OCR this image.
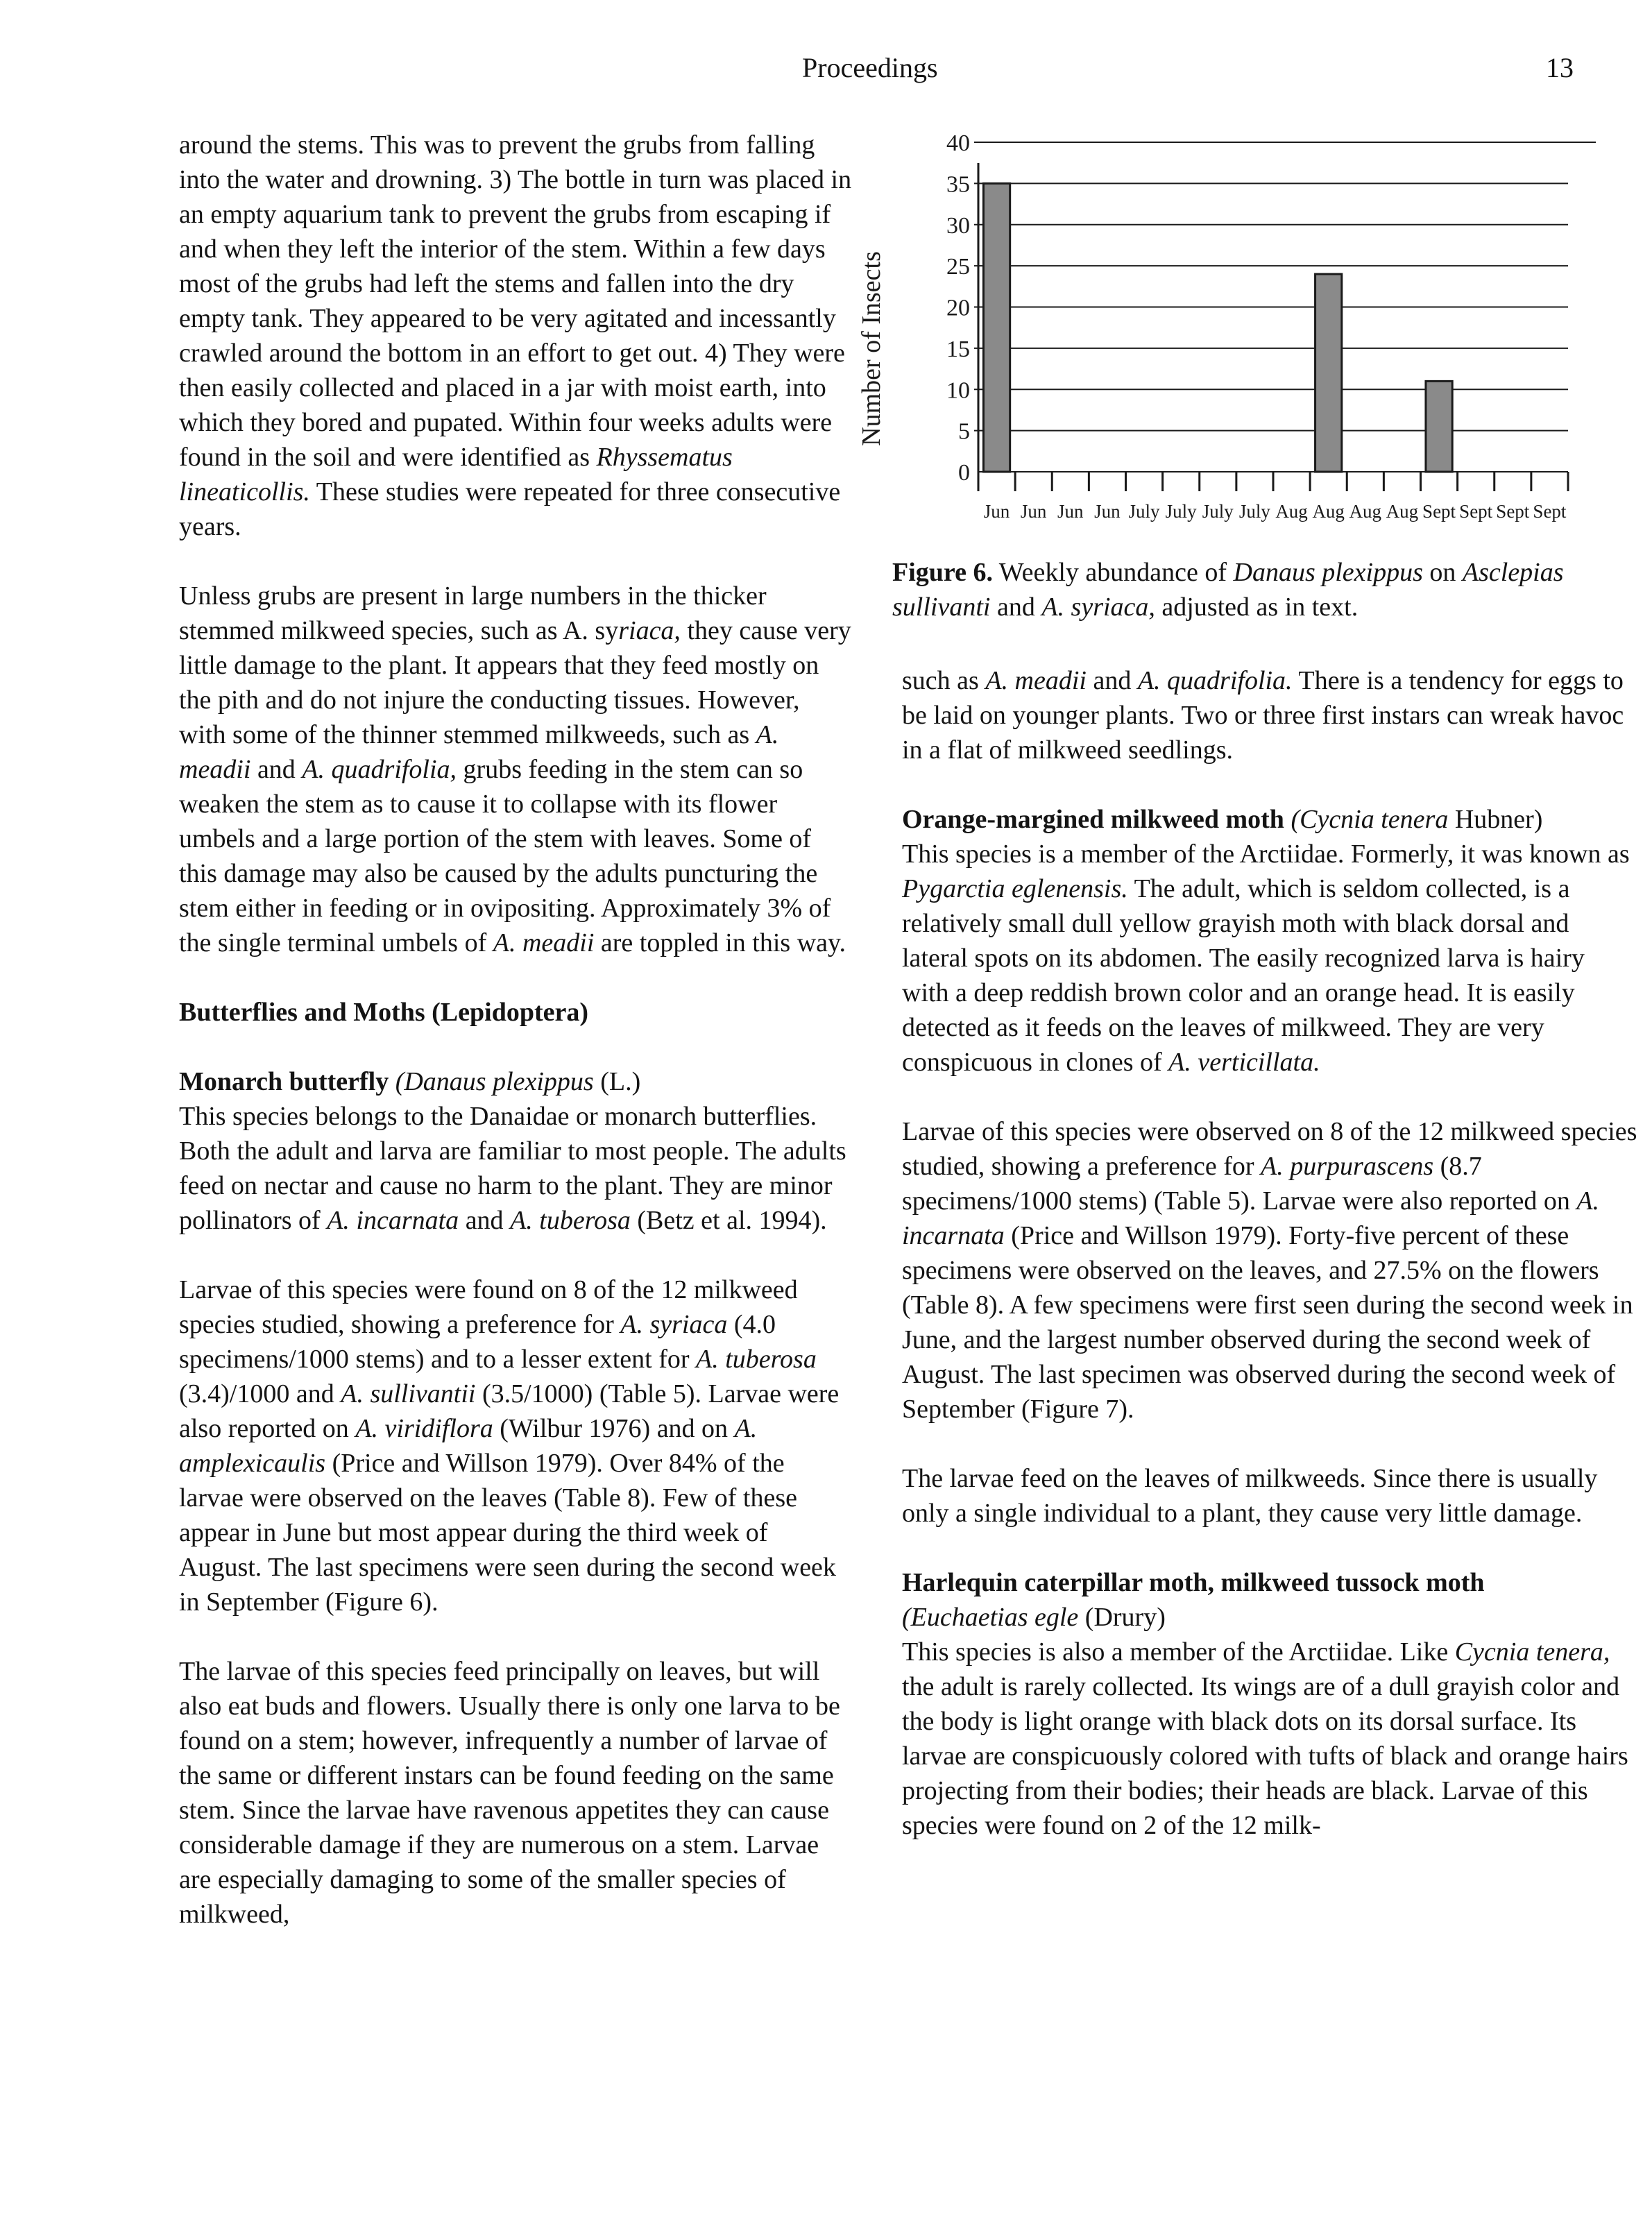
Proceedings	13

around the stems. This was to prevent the grubs from falling into the water and drowning. 3) The bottle in turn was placed in an empty aquarium tank to prevent the grubs from escaping if and when they left the interior of the stem. Within a few days most of the grubs had left the stems and fallen into the dry empty tank. They appeared to be very agitated and incessantly crawled around the bottom in an effort to get out. 4) They were then easily collected and placed in a jar with moist earth, into which they bored and pupated. Within four weeks adults were found in the soil and were identified as Rhyssematus lineaticollis. These studies were repeated for three consecutive years.

Unless grubs are present in large numbers in the thicker stemmed milkweed species, such as A. syriaca, they cause very little damage to the plant. It appears that they feed mostly on the pith and do not injure the conducting tissues. However, with some of the thinner stemmed milkweeds, such as A. meadii and A. quadrifolia, grubs feeding in the stem can so weaken the stem as to cause it to collapse with its flower umbels and a large portion of the stem with leaves. Some of this damage may also be caused by the adults puncturing the stem either in feeding or in ovipositing. Approximately 3% of the single terminal umbels of A. meadii are toppled in this way.

Butterflies and Moths (Lepidoptera)

Monarch butterfly (Danaus plexippus (L.)

This species belongs to the Danaidae or monarch butterflies. Both the adult and larva are familiar to most people. The adults feed on nectar and cause no harm to the plant. They are minor pollinators of A. incarnata and A. tuberosa (Betz et al. 1994).

Larvae of this species were found on 8 of the 12 milkweed species studied, showing a preference for A. syriaca (4.0 specimens/1000 stems) and to a lesser extent for A. tuberosa (3.4)/1000 and A. sullivantii (3.5/1000) (Table 5). Larvae were also reported on A. viridiflora (Wilbur 1976) and on A. amplexicaulis (Price and Willson 1979). Over 84% of the larvae were observed on the leaves (Table 8). Few of these appear in June but most appear during the third week of August. The last specimens were seen during the second week in September (Figure 6).

The larvae of this species feed principally on leaves, but will also eat buds and flowers. Usually there is only one larva to be found on a stem; however, infrequently a number of larvae of the same or different instars can be found feeding on the same stem. Since the larvae have ravenous appetites they can cause considerable damage if they are numerous on a stem. Larvae are especially damaging to some of the smaller species of milkweed,

0
5
10
15
20
25
30
35
40
Jun Jun Jun Jun July July July July Aug Aug Aug Aug Sept Sept Sept Sept
Number of Insects
Figure 6. Weekly abundance of Danaus plexippus on Asclepias sullivanti and A. syriaca, adjusted as in text.

such as A. meadii and A. quadrifolia. There is a tendency for eggs to be laid on younger plants. Two or three first instars can wreak havoc in a flat of milkweed seedlings.

Orange-margined milkweed moth (Cycnia tenera Hubner)

This species is a member of the Arctiidae. Formerly, it was known as Pygarctia eglenensis. The adult, which is seldom collected, is a relatively small dull yellow grayish moth with black dorsal and lateral spots on its abdomen. The easily recognized larva is hairy with a deep reddish brown color and an orange head. It is easily detected as it feeds on the leaves of milkweed. They are very conspicuous in clones of A. verticillata.

Larvae of this species were observed on 8 of the 12 milkweed species studied, showing a preference for A. purpurascens (8.7 specimens/1000 stems) (Table 5). Larvae were also reported on A. incarnata (Price and Willson 1979). Forty-five percent of these specimens were observed on the leaves, and 27.5% on the flowers (Table 8). A few specimens were first seen during the second week in June, and the largest number observed during the second week of August. The last specimen was observed during the second week of September (Figure 7).

The larvae feed on the leaves of milkweeds. Since there is usually only a single individual to a plant, they cause very little damage.

Harlequin caterpillar moth, milkweed tussock moth
(Euchaetias egle (Drury)

This species is also a member of the Arctiidae. Like Cycnia tenera, the adult is rarely collected. Its wings are of a dull grayish color and the body is light orange with black dots on its dorsal surface. Its larvae are conspicuously colored with tufts of black and orange hairs projecting from their bodies; their heads are black. Larvae of this species were found on 2 of the 12 milk-
